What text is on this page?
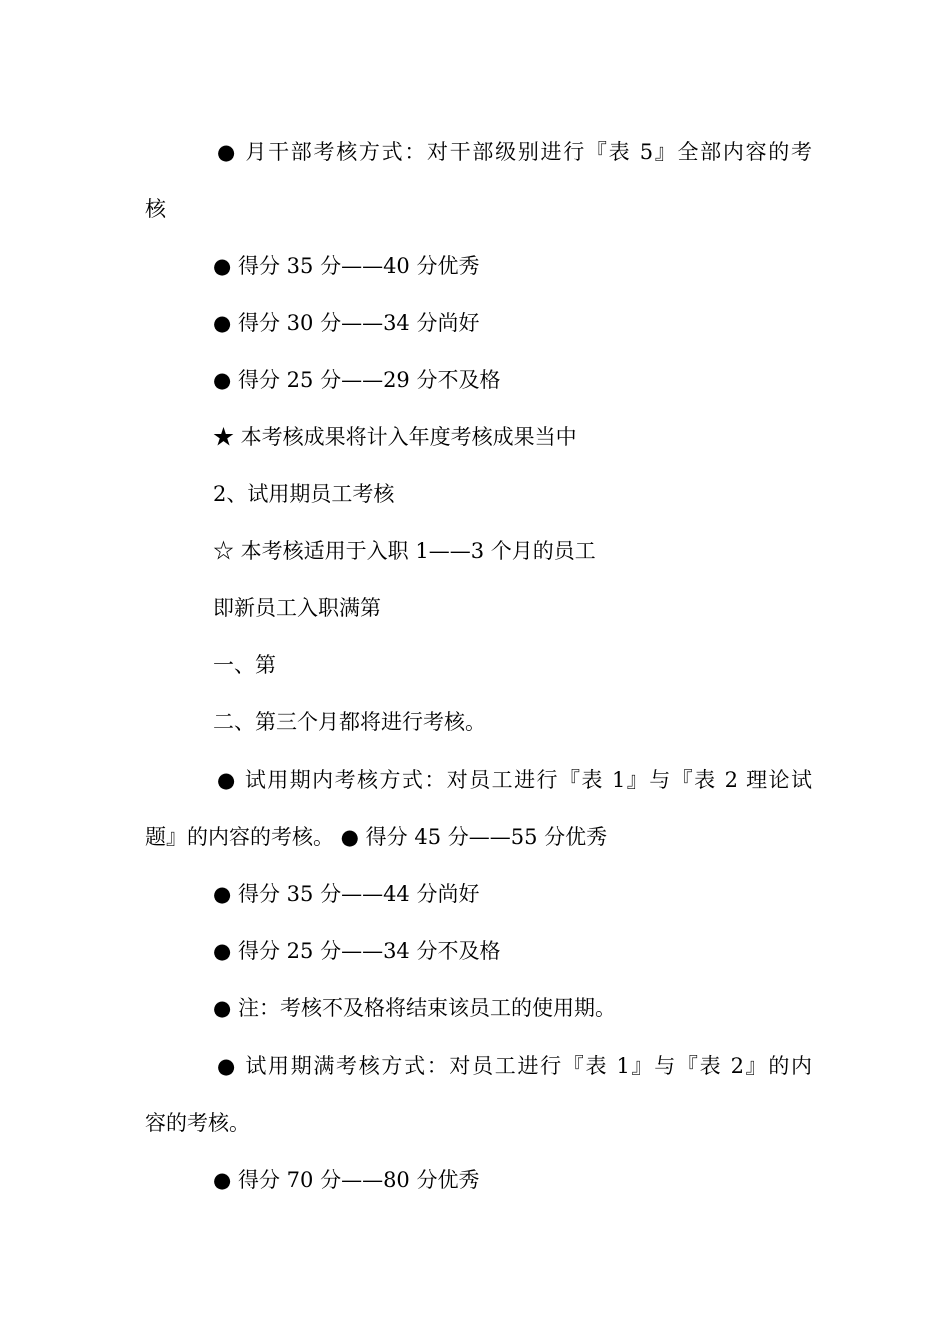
● 月干部考核方式：对干部级别进行『表 5』全部内容的考
核
● 得分 35 分——40 分优秀
● 得分 30 分——34 分尚好
● 得分 25 分——29 分不及格
★ 本考核成果将计入年度考核成果当中
2、试用期员工考核
☆ 本考核适用于入职 1——3 个月的员工
即新员工入职满第
一、第
二、第三个月都将进行考核。
● 试用期内考核方式：对员工进行『表 1』与『表 2 理论试
题』的内容的考核。 ● 得分 45 分——55 分优秀
● 得分 35 分——44 分尚好
● 得分 25 分——34 分不及格
● 注：考核不及格将结束该员工的使用期。
● 试用期满考核方式：对员工进行『表 1』与『表 2』的内
容的考核。
● 得分 70 分——80 分优秀
